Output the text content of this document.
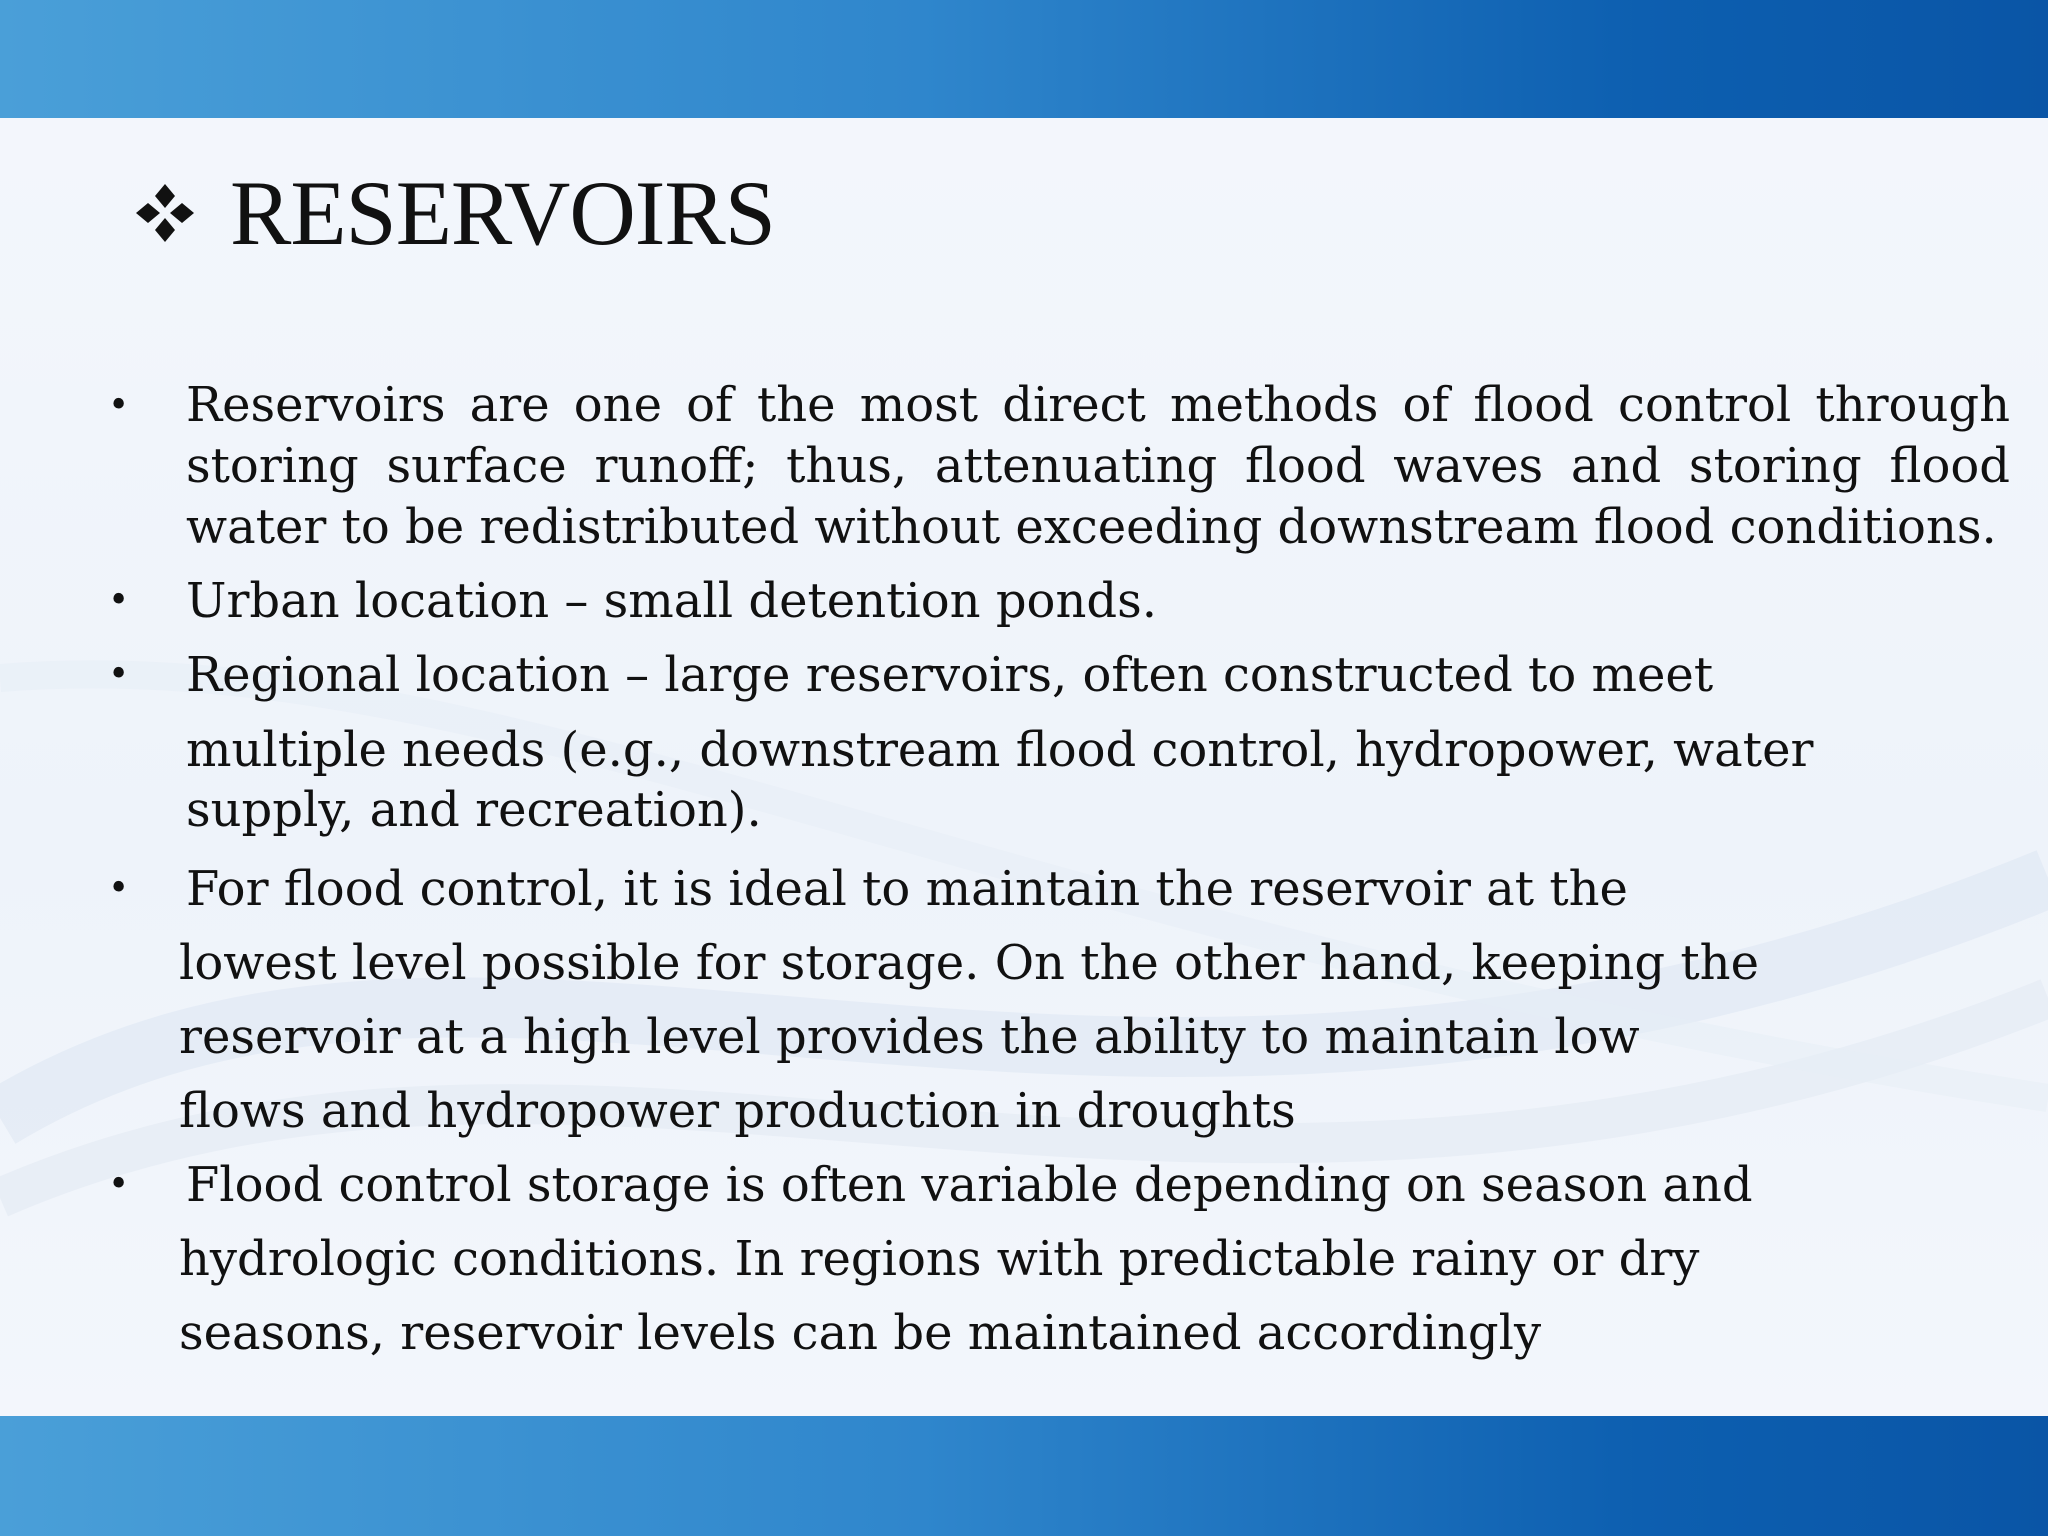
RESERVOIRS
• Reservoirs are one of the most direct methods of flood control through storing surface runoff; thus, attenuating flood waves and storing flood water to be redistributed without exceeding downstream flood conditions.
• Urban location – small detention ponds.
• Regional location – large reservoirs, often constructed to meet
multiple needs (e.g., downstream flood control, hydropower, water supply, and recreation).
•	For flood control, it is ideal to maintain the reservoir at the
lowest level possible for storage. On the other hand, keeping the
reservoir at a high level provides the ability to maintain low
flows and hydropower production in droughts
•	Flood control storage is often variable depending on season and
hydrologic conditions. In regions with predictable rainy or dry
seasons, reservoir levels can be maintained accordingly
